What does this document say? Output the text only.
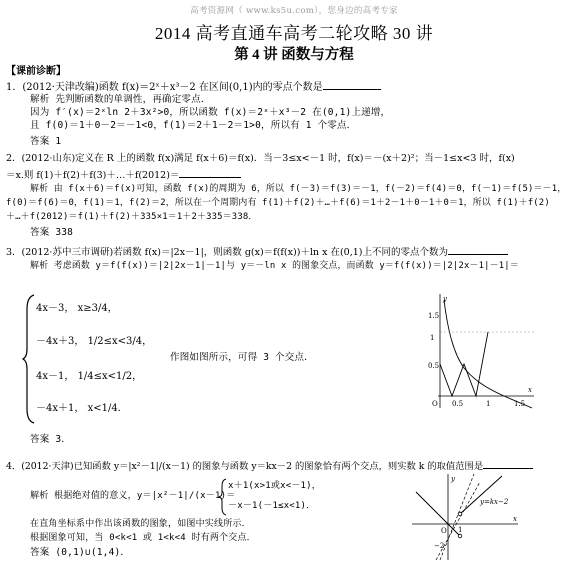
高考资源网（ www.ks5u.com），您身边的高考专家
2014 高考直通车高考二轮攻略 30 讲
第 4 讲 函数与方程
【课前诊断】
1．(2012·天津改编)函数 f(x)＝2ˣ＋x³－2 在区间(0,1)内的零点个数是
解析 先判断函数的单调性，再确定零点．
因为 f′(x)＝2ˣln 2＋3x²>0，所以函数 f(x)＝2ˣ＋x³－2 在(0,1)上递增，
且 f(0)＝1＋0－2＝－1<0，f(1)＝2＋1－2＝1>0，所以有 1 个零点．
答案 1
2．(2012·山东)定义在 R 上的函数 f(x)满足 f(x＋6)＝f(x)．当－3≤x<－1 时，f(x)＝－(x＋2)²；当－1≤x<3 时，f(x)
＝x.则 f(1)＋f(2)＋f(3)＋…＋f(2012)＝
解析 由 f(x＋6)＝f(x)可知，函数 f(x)的周期为 6，所以 f(－3)＝f(3)＝－1，f(－2)＝f(4)＝0，f(－1)＝f(5)＝－1，
f(0)＝f(6)＝0，f(1)＝1，f(2)＝2，所以在一个周期内有 f(1)＋f(2)＋…＋f(6)＝1＋2－1＋0－1＋0＝1，所以 f(1)＋f(2)
＋…＋f(2012)＝f(1)＋f(2)＋335×1＝1＋2＋335＝338．
答案 338
3．(2012·苏中三市调研)若函数 f(x)＝|2x－1|，则函数 g(x)＝f(f(x))＋ln x 在(0,1)上不同的零点个数为
解析 考虑函数 y＝f(f(x))＝|2|2x－1|－1|与 y＝－ln x 的图象交点，而函数 y＝f(f(x))＝|2|2x－1|－1|＝
4x－3， x≥3/4，
－4x＋3， 1/2≤x<3/4，
4x－1， 1/4≤x<1/2，
－4x＋1， x<1/4．
作图如图所示，可得 3 个交点．
答案 3．
1.5
1
0.5
O 0.5	1	1.5
x
y
4．(2012·天津)已知函数 y＝|x²－1|/(x－1) 的图象与函数 y＝kx－2 的图象恰有两个交点，则实数 k 的取值范围是
解析 根据绝对值的意义，y＝|x²－1|/(x－1)＝
x＋1(x>1或x<－1)，
－x－1(－1≤x<1)．
在直角坐标系中作出该函数的图象，如图中实线所示．
根据图象可知，当 0<k<1 或 1<k<4 时有两个交点．
答案 (0,1)∪(1,4)．
y=kx−2
O 1
−2
x
y
